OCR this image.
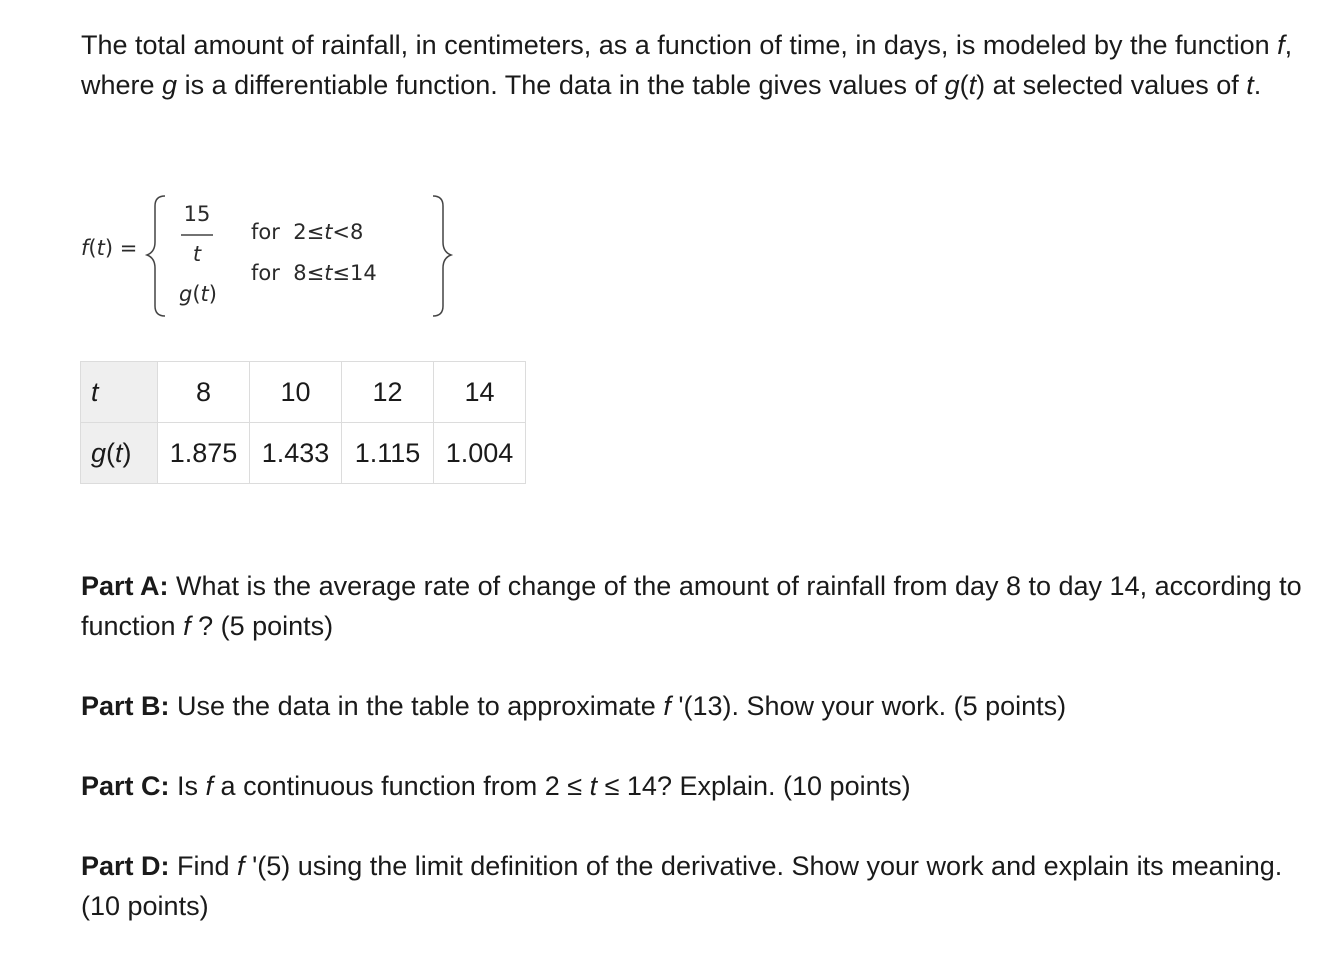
The total amount of rainfall, in centimeters, as a function of time, in days, is modeled by the function f, where g is a differentiable function. The data in the table gives values of g(t) at selected values of t.

f(t) =
15
t
g(t)
for  2≤t<8
for  8≤t≤14
t	8	10	12	14
g(t)	1.875	1.433	1.115	1.004

Part A: What is the average rate of change of the amount of rainfall from day 8 to day 14, according to function f ? (5 points)

Part B: Use the data in the table to approximate f '(13). Show your work. (5 points)

Part C: Is f a continuous function from 2 ≤ t ≤ 14? Explain. (10 points)

Part D: Find f '(5) using the limit definition of the derivative. Show your work and explain its meaning. (10 points)
